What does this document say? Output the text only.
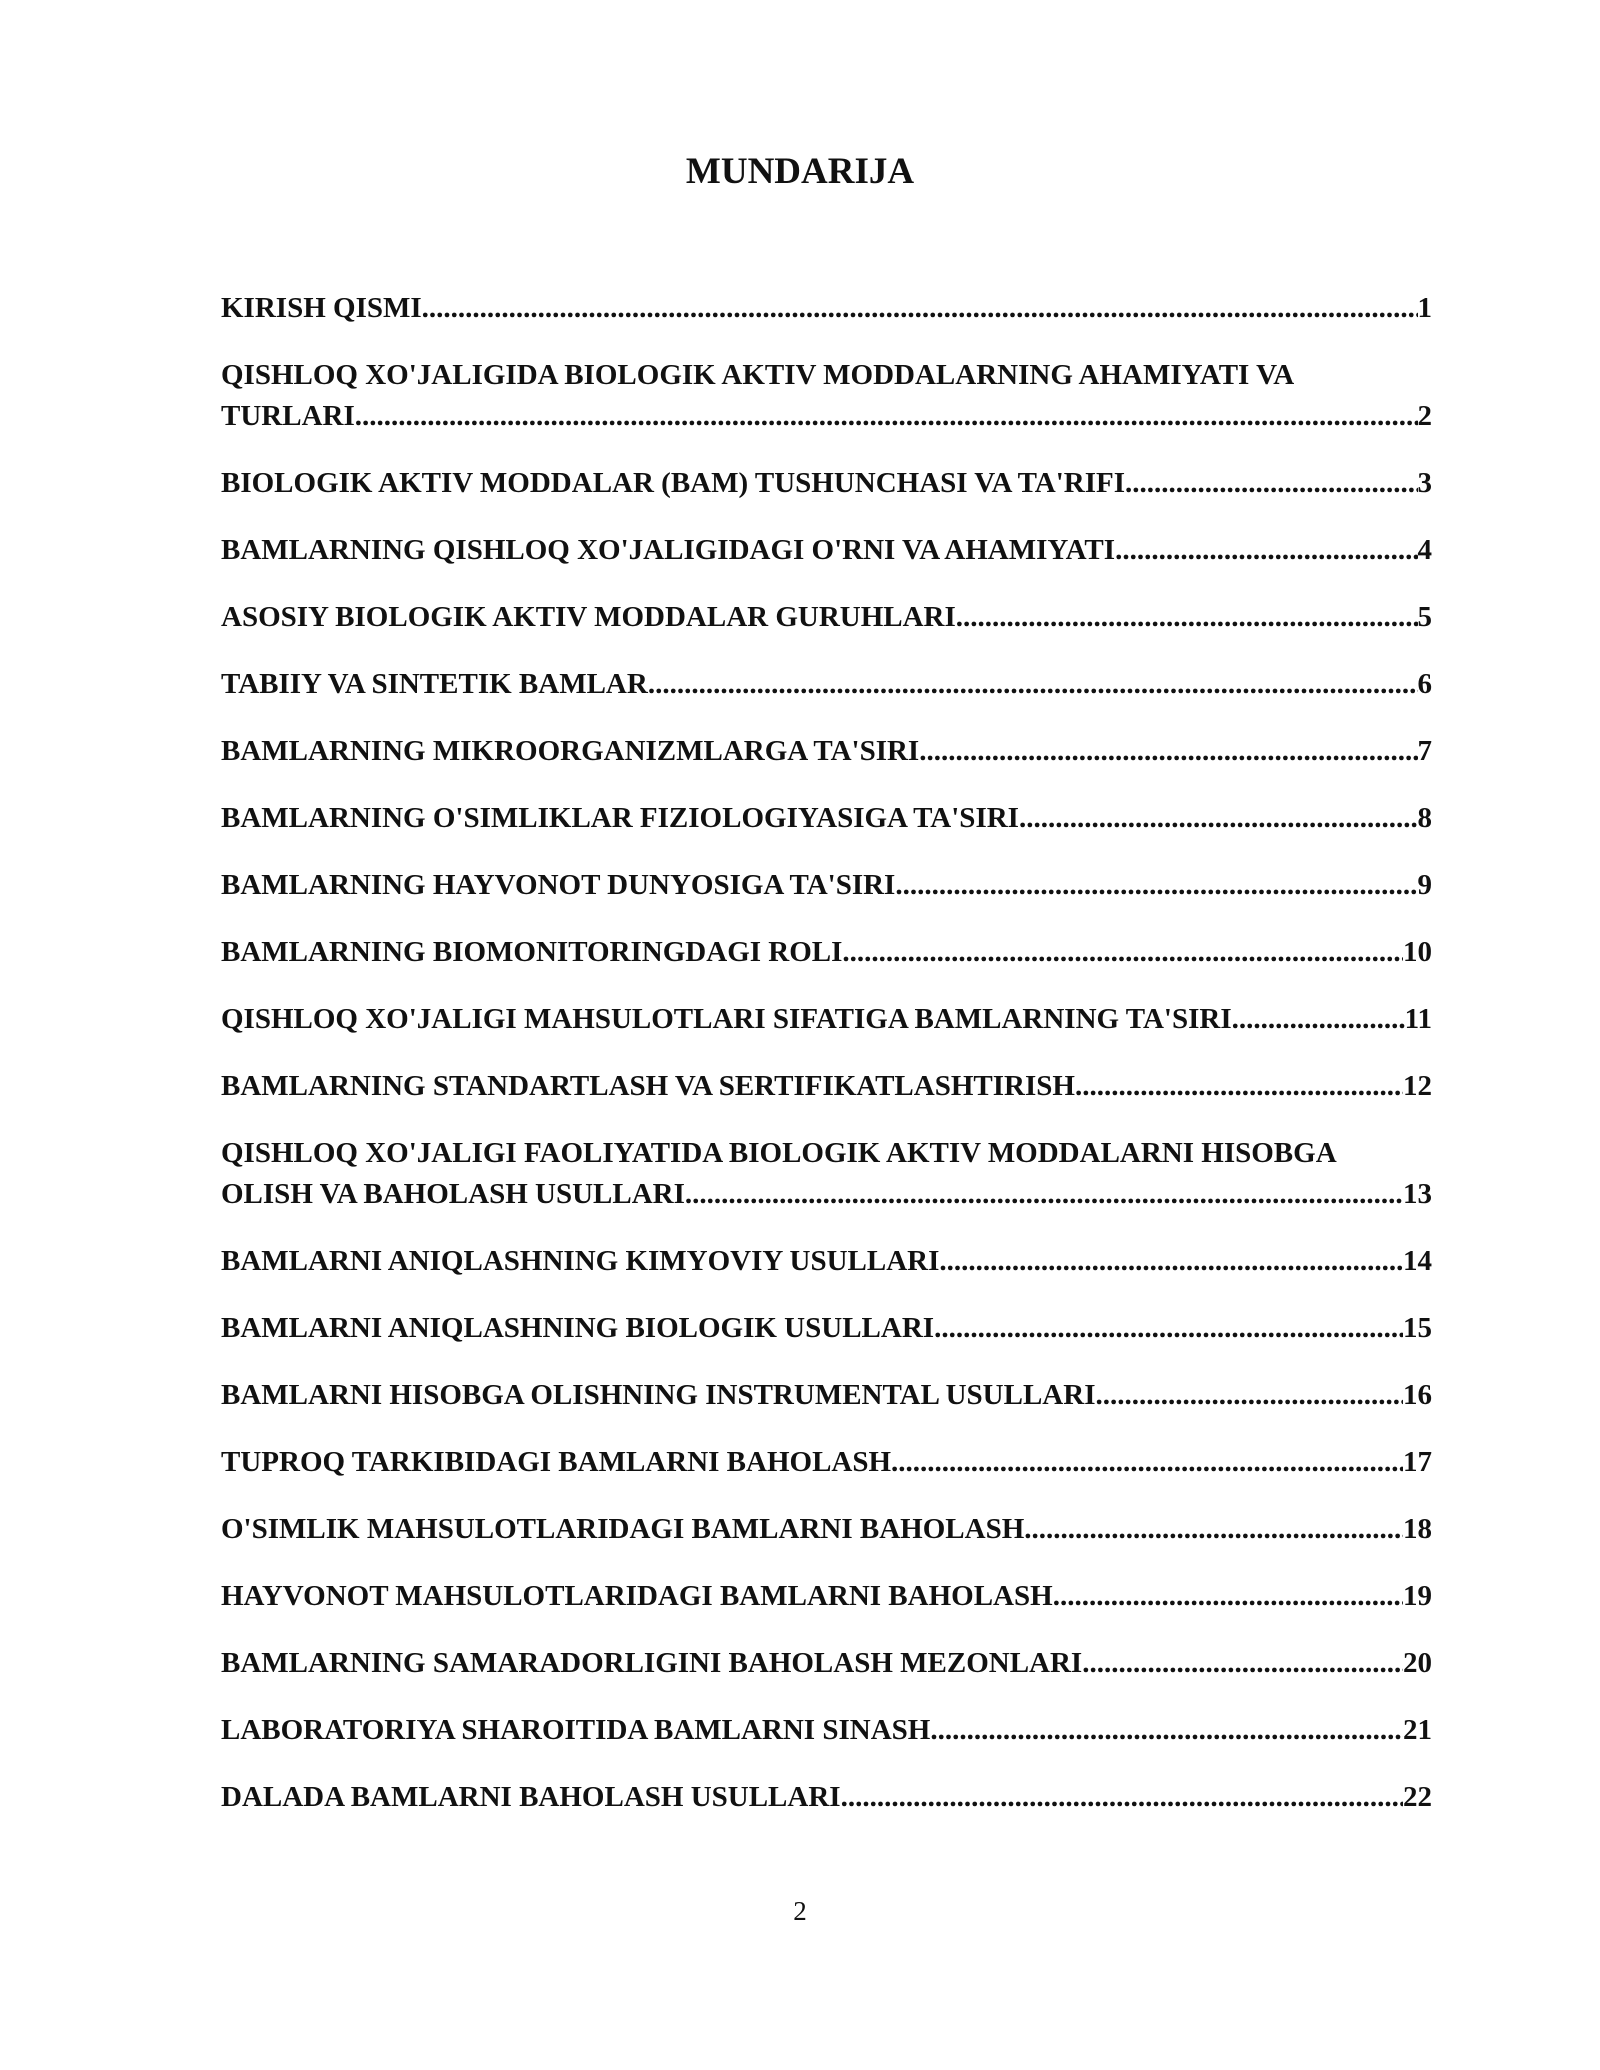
MUNDARIJA
KIRISH QISMI .....	1
QISHLOQ XO'JALIGIDA BIOLOGIK AKTIV MODDALARNING AHAMIYATI VA
TURLARI .....	2
BIOLOGIK AKTIV MODDALAR (BAM) TUSHUNCHASI VA TA'RIFI .....	3
BAMLARNING QISHLOQ XO'JALIGIDAGI O'RNI VA AHAMIYATI .....	4
ASOSIY BIOLOGIK AKTIV MODDALAR GURUHLARI .....	5
TABIIY VA SINTETIK BAMLAR .....	6
BAMLARNING MIKROORGANIZMLARGA TA'SIRI .....	7
BAMLARNING O'SIMLIKLAR FIZIOLOGIYASIGA TA'SIRI .....	8
BAMLARNING HAYVONOT DUNYOSIGA TA'SIRI .....	9
BAMLARNING BIOMONITORINGDAGI ROLI .....	10
QISHLOQ XO'JALIGI MAHSULOTLARI SIFATIGA BAMLARNING TA'SIRI .....	11
BAMLARNING STANDARTLASH VA SERTIFIKATLASHTIRISH .....	12
QISHLOQ XO'JALIGI FAOLIYATIDA BIOLOGIK AKTIV MODDALARNI HISOBGA
OLISH VA BAHOLASH USULLARI .....	13
BAMLARNI ANIQLASHNING KIMYOVIY USULLARI .....	14
BAMLARNI ANIQLASHNING BIOLOGIK USULLARI .....	15
BAMLARNI HISOBGA OLISHNING INSTRUMENTAL USULLARI .....	16
TUPROQ TARKIBIDAGI BAMLARNI BAHOLASH .....	17
O'SIMLIK MAHSULOTLARIDAGI BAMLARNI BAHOLASH .....	18
HAYVONOT MAHSULOTLARIDAGI BAMLARNI BAHOLASH .....	19
BAMLARNING SAMARADORLIGINI BAHOLASH MEZONLARI .....	20
LABORATORIYA SHAROITIDA BAMLARNI SINASH .....	21
DALADA BAMLARNI BAHOLASH USULLARI .....	22
2
